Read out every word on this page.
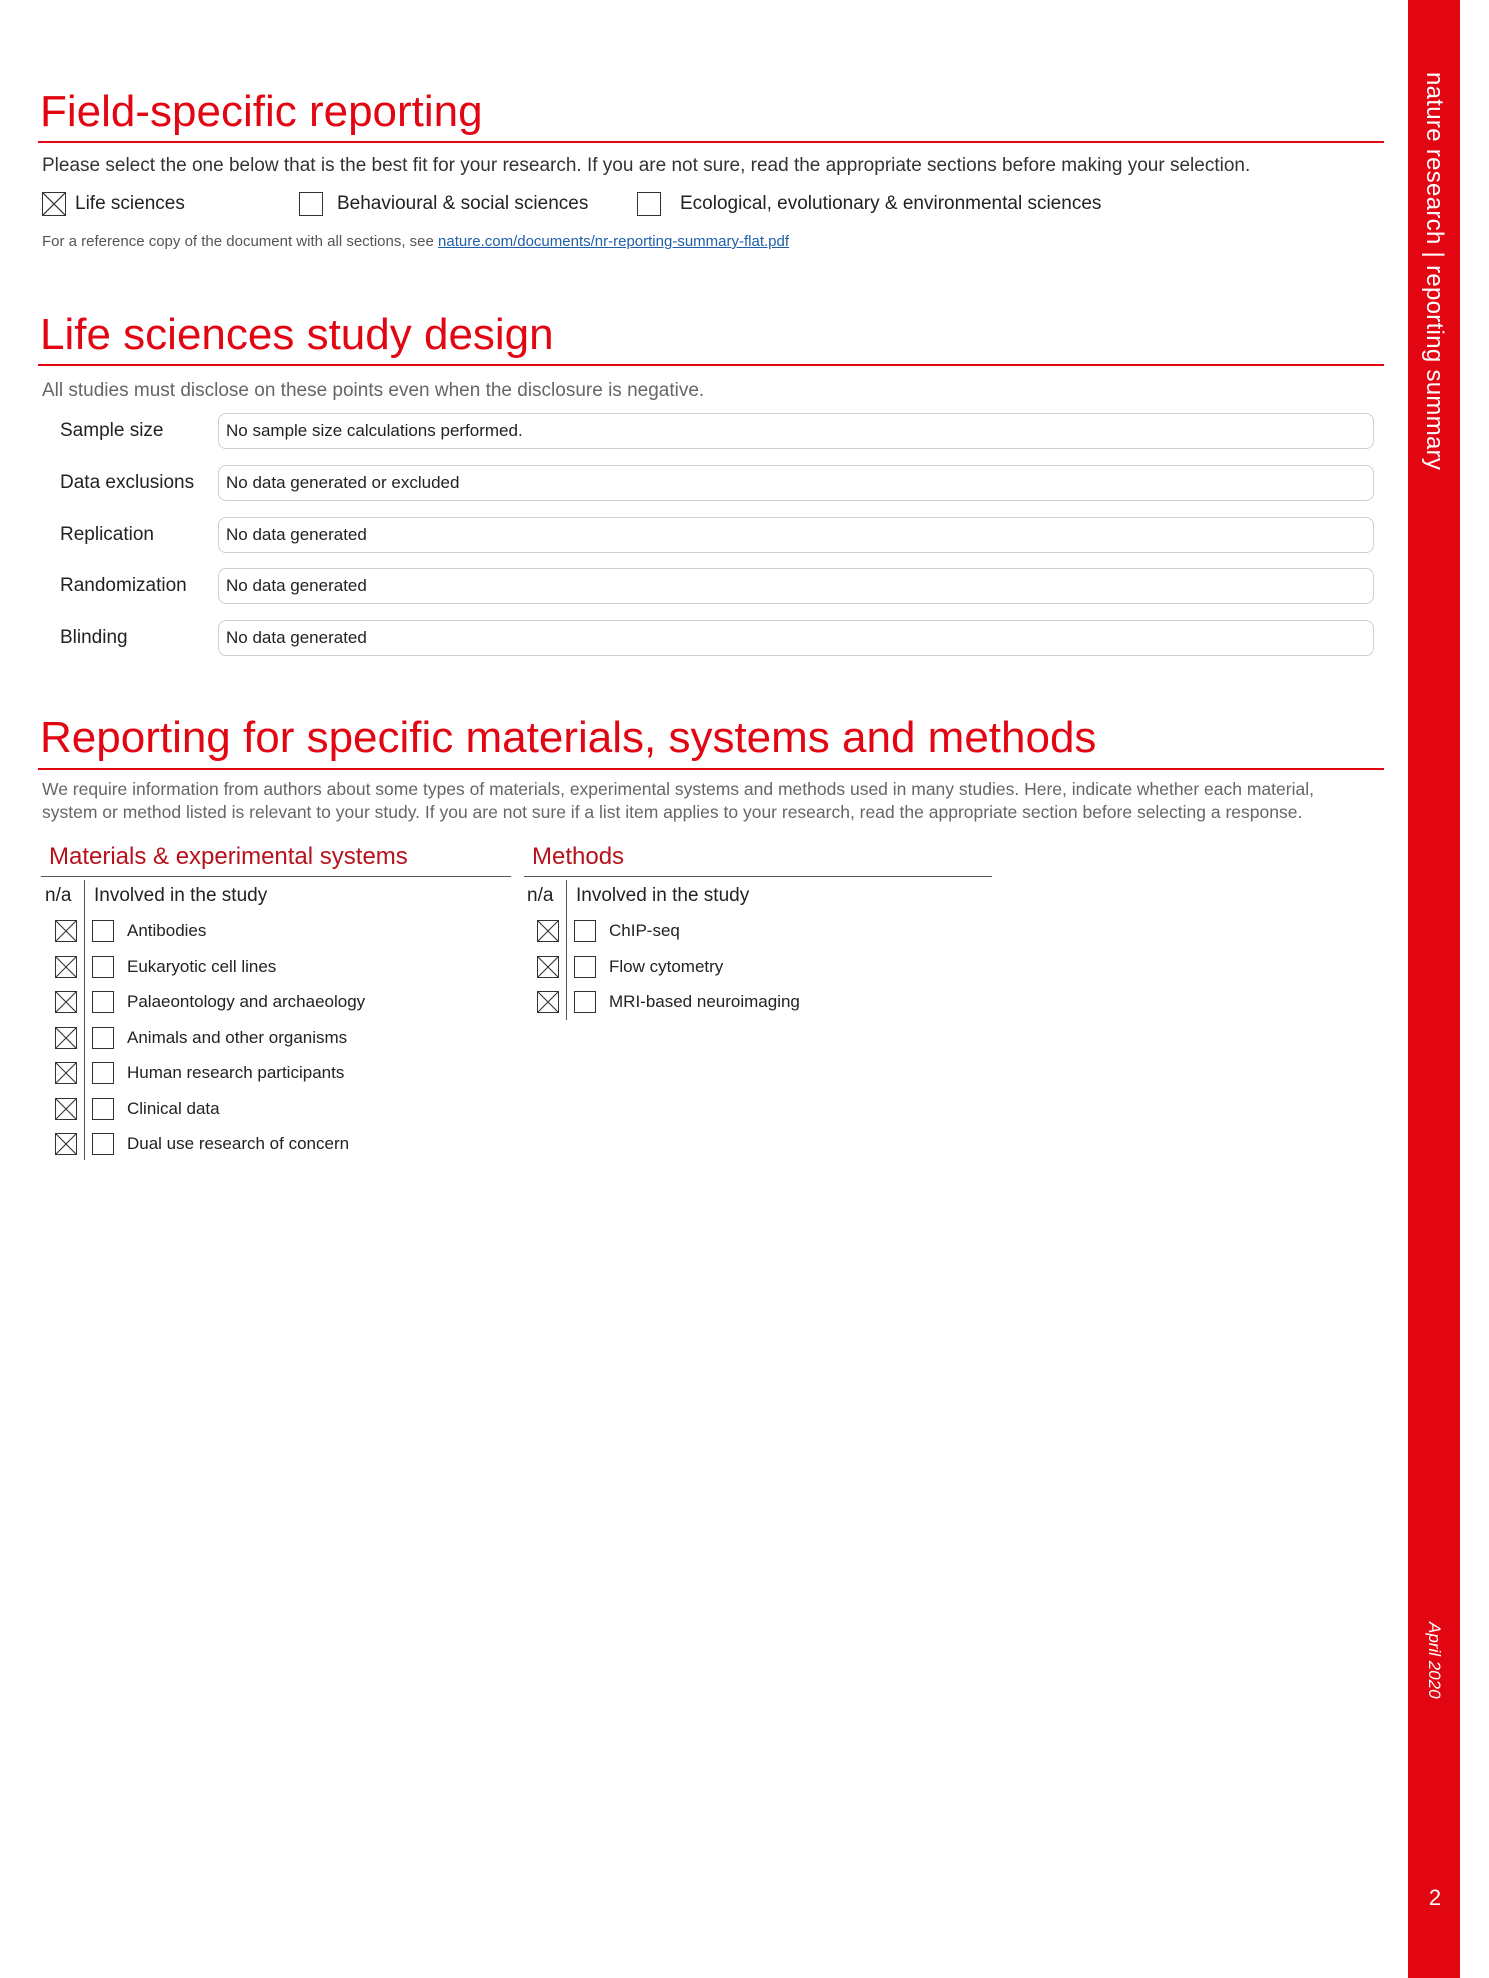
nature research | reporting summary
April 2020
2
Field-specific reporting
Please select the one below that is the best fit for your research. If you are not sure, read the appropriate sections before making your selection.
Life sciences	Behavioural & social sciences	Ecological, evolutionary & environmental sciences
For a reference copy of the document with all sections, see nature.com/documents/nr-reporting-summary-flat.pdf
Life sciences study design
All studies must disclose on these points even when the disclosure is negative.
Sample size	No sample size calculations performed.
Data exclusions	No data generated or excluded
Replication	No data generated
Randomization	No data generated
Blinding	No data generated
Reporting for specific materials, systems and methods
We require information from authors about some types of materials, experimental systems and methods used in many studies. Here, indicate whether each material,
system or method listed is relevant to your study. If you are not sure if a list item applies to your research, read the appropriate section before selecting a response.
Materials & experimental systems
n/a Involved in the study
Antibodies
Eukaryotic cell lines
Palaeontology and archaeology
Animals and other organisms
Human research participants
Clinical data
Dual use research of concern
Methods
n/a Involved in the study
ChIP-seq
Flow cytometry
MRI-based neuroimaging
